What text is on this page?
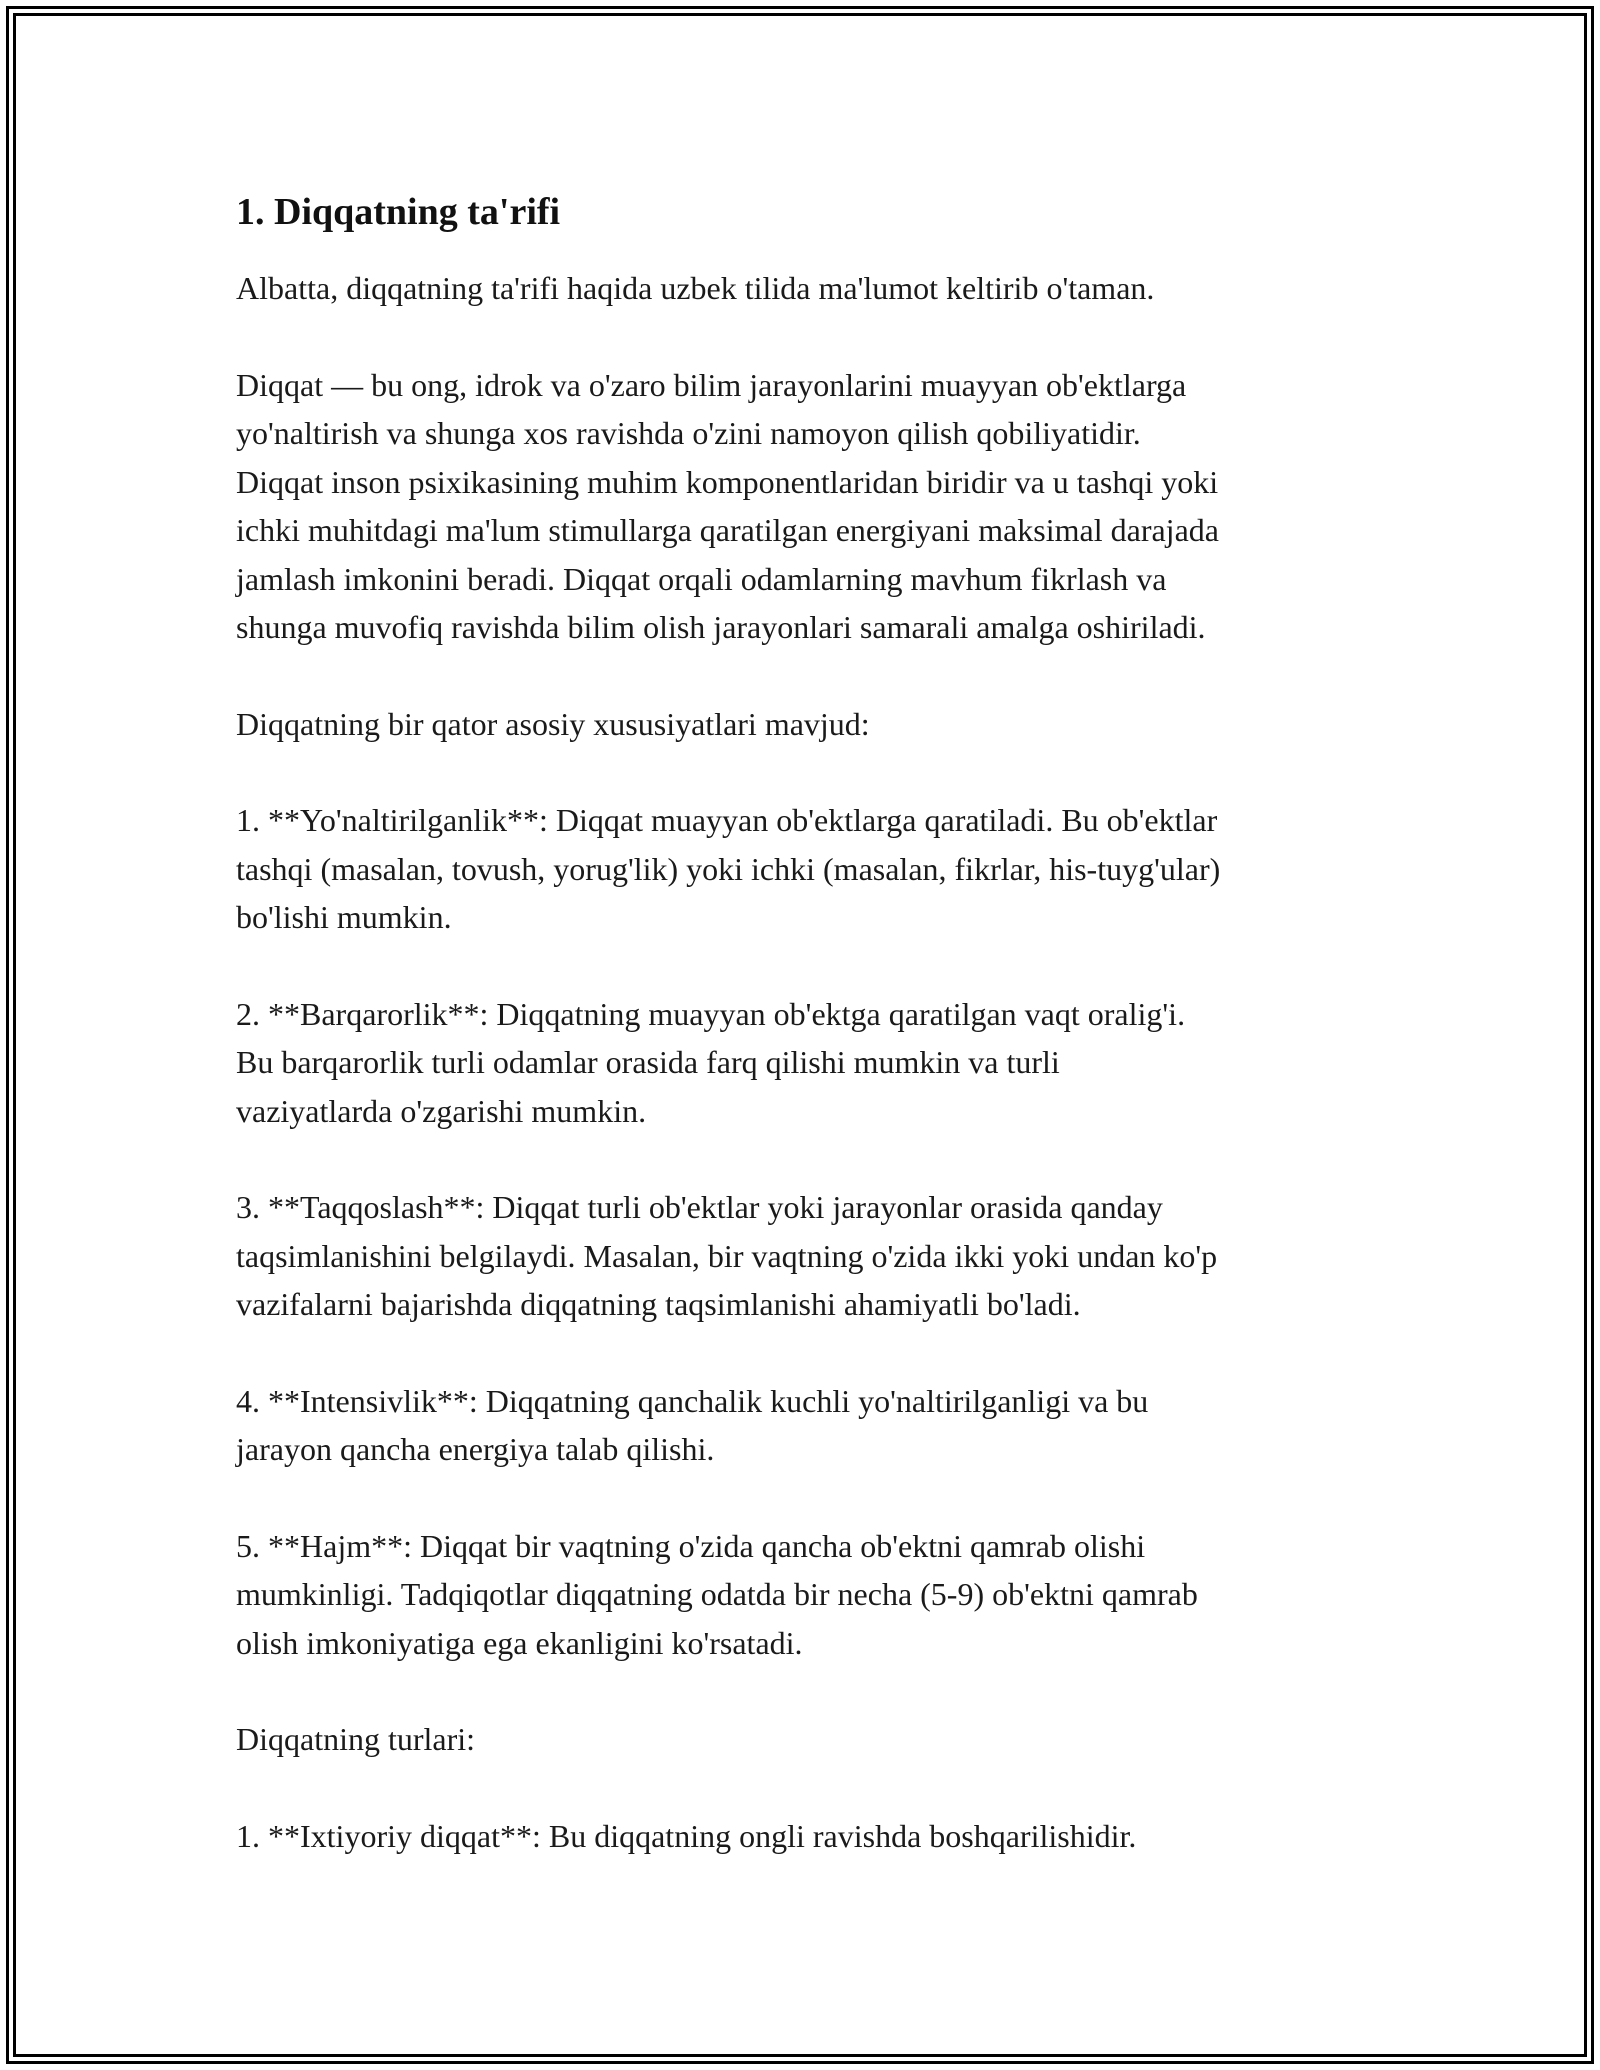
1. Diqqatning ta'rifi

Albatta, diqqatning ta'rifi haqida uzbek tilida ma'lumot keltirib o'taman.

Diqqat — bu ong, idrok va o'zaro bilim jarayonlarini muayyan ob'ektlarga
yo'naltirish va shunga xos ravishda o'zini namoyon qilish qobiliyatidir.
Diqqat inson psixikasining muhim komponentlaridan biridir va u tashqi yoki
ichki muhitdagi ma'lum stimullarga qaratilgan energiyani maksimal darajada
jamlash imkonini beradi. Diqqat orqali odamlarning mavhum fikrlash va
shunga muvofiq ravishda bilim olish jarayonlari samarali amalga oshiriladi.

Diqqatning bir qator asosiy xususiyatlari mavjud:

1. **Yo'naltirilganlik**: Diqqat muayyan ob'ektlarga qaratiladi. Bu ob'ektlar
tashqi (masalan, tovush, yorug'lik) yoki ichki (masalan, fikrlar, his-tuyg'ular)
bo'lishi mumkin.

2. **Barqarorlik**: Diqqatning muayyan ob'ektga qaratilgan vaqt oralig'i.
Bu barqarorlik turli odamlar orasida farq qilishi mumkin va turli
vaziyatlarda o'zgarishi mumkin.

3. **Taqqoslash**: Diqqat turli ob'ektlar yoki jarayonlar orasida qanday
taqsimlanishini belgilaydi. Masalan, bir vaqtning o'zida ikki yoki undan ko'p
vazifalarni bajarishda diqqatning taqsimlanishi ahamiyatli bo'ladi.

4. **Intensivlik**: Diqqatning qanchalik kuchli yo'naltirilganligi va bu
jarayon qancha energiya talab qilishi.

5. **Hajm**: Diqqat bir vaqtning o'zida qancha ob'ektni qamrab olishi
mumkinligi. Tadqiqotlar diqqatning odatda bir necha (5-9) ob'ektni qamrab
olish imkoniyatiga ega ekanligini ko'rsatadi.

Diqqatning turlari:

1. **Ixtiyoriy diqqat**: Bu diqqatning ongli ravishda boshqarilishidir.
